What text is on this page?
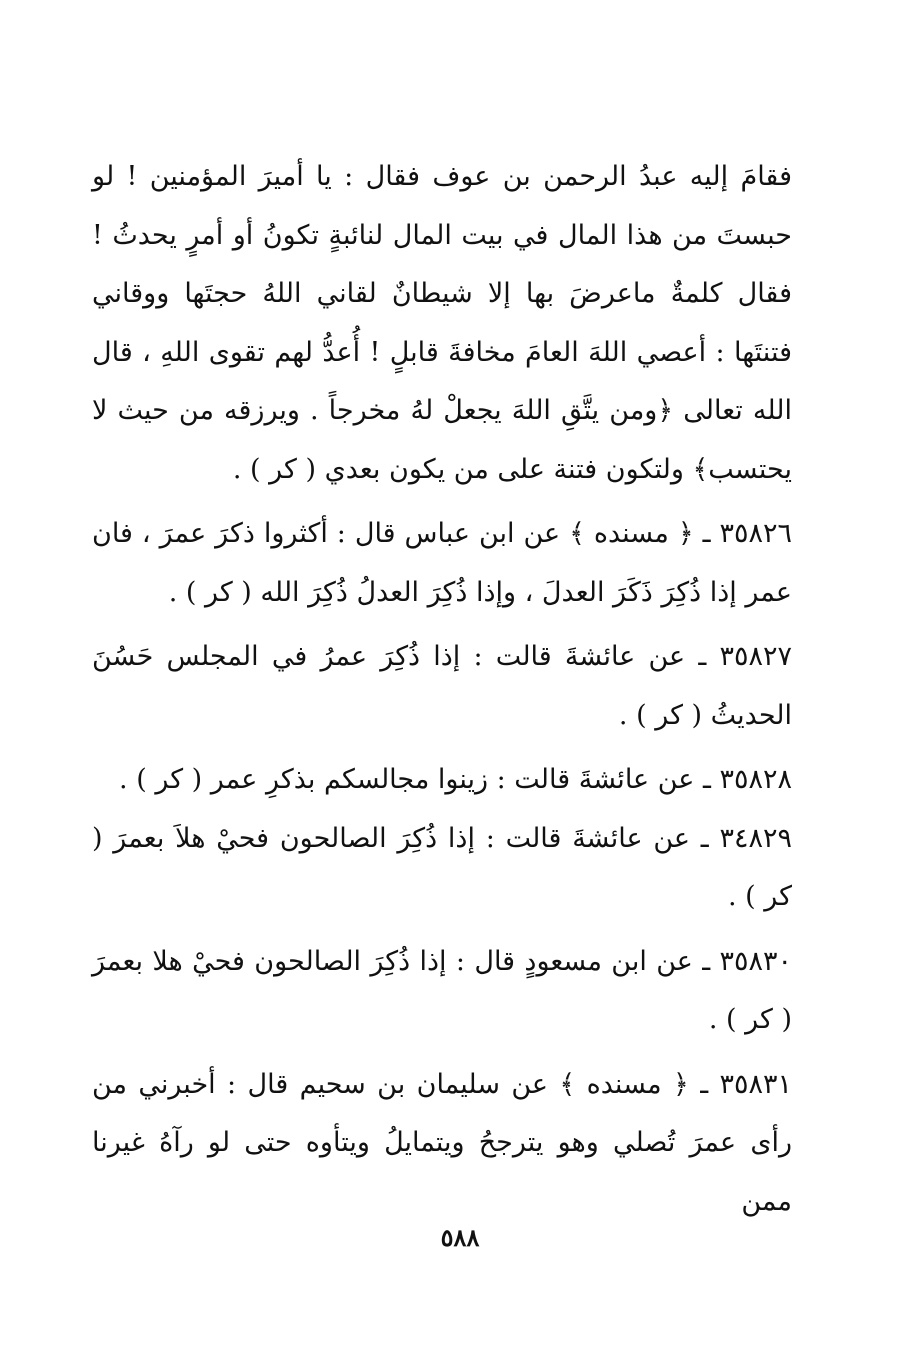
فقامَ إليه عبدُ الرحمن بن عوف فقال : يا أميرَ المؤمنين ! لو حبستَ من هذا المال في بيت المال لنائبةٍ تكونُ أو أمرٍ يحدثُ ! فقال كلمةٌ ماعرضَ بها إلا شيطانٌ لقاني اللهُ حجتَها ووقاني فتنتَها : أعصي اللهَ العامَ مخافةَ قابلٍ ! أُعدُّ لهم تقوى اللهِ ، قال الله تعالى ﴿ومن يتَّقِ اللهَ يجعلْ لهُ مخرجاً . ويرزقه من حيث لا يحتسب﴾ ولتكون فتنة على من يكون بعدي ( كر ) .

٣٥٨٢٦ ـ ﴿ مسنده ﴾ عن ابن عباس قال : أكثروا ذكرَ عمرَ ، فان عمر إذا ذُكِرَ ذَكَرَ العدلَ ، وإذا ذُكِرَ العدلُ ذُكِرَ الله ( كر ) .

٣٥٨٢٧ ـ عن عائشةَ قالت : إذا ذُكِرَ عمرُ في المجلس حَسُنَ الحديثُ ( كر ) .

٣٥٨٢٨ ـ عن عائشةَ قالت : زينوا مجالسكم بذكرِ عمر ( كر ) .

٣٤٨٢٩ ـ عن عائشةَ قالت : إذا ذُكِرَ الصالحون فحيْ هلاَ بعمرَ ( كر ) .

٣٥٨٣٠ ـ عن ابن مسعودٍ قال : إذا ذُكِرَ الصالحون فحيْ هلا بعمرَ ( كر ) .

٣٥٨٣١ ـ ﴿ مسنده ﴾ عن سليمان بن سحيم قال : أخبرني من رأى عمرَ تُصلي وهو يترجحُ ويتمايلُ ويتأوه حتى لو رآهُ غيرنا ممن

٥٨٨
